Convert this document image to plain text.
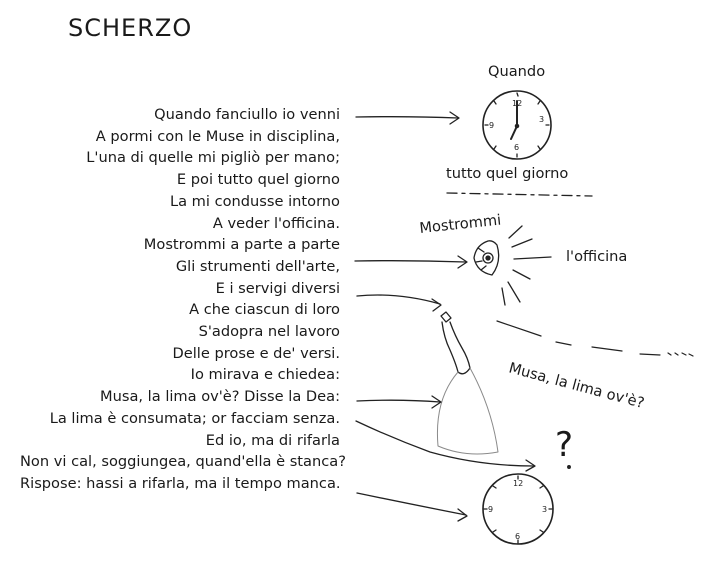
SCHERZO
Quando fanciullo io venni
A pormi con le Muse in disciplina,
L'una di quelle mi pigliò per mano;
E poi tutto quel giorno
La mi condusse intorno
A veder l'officina.
Mostrommi a parte a parte
Gli strumenti dell'arte,
E i servigi diversi
A che ciascun di loro
S'adopra nel lavoro
Delle prose e de' versi.
Io mirava e chiedea:
Musa, la lima ov'è? Disse la Dea:
La lima è consumata; or facciam senza.
Ed io, ma di rifarla
Non vi cal, soggiungea, quand'ella è stanca?
Rispose: hassi a rifarla, ma il tempo manca.
12
3
6
9
12
3
6
9
Musa, la lima ov'è?
Mostrommi
Quando
tutto quel giorno
l'officina
?
